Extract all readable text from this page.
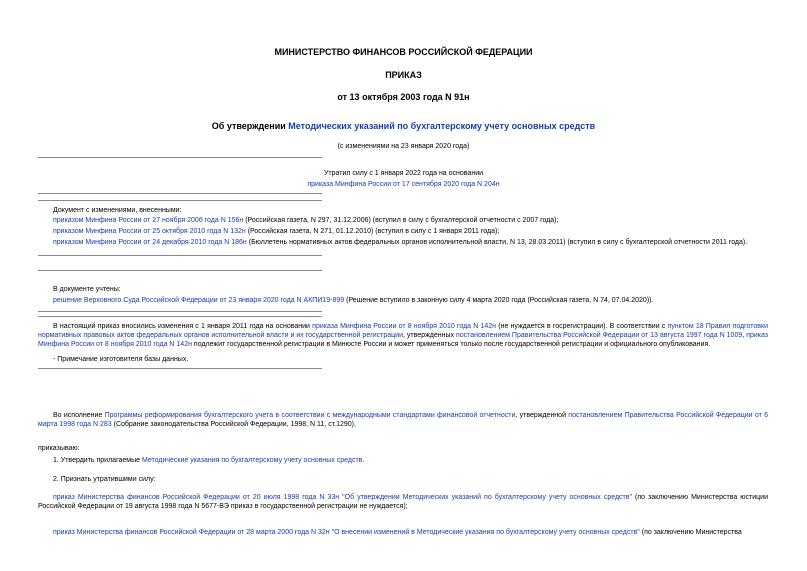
МИНИСТЕРСТВО ФИНАНСОВ РОССИЙСКОЙ ФЕДЕРАЦИИ
ПРИКАЗ
от 13 октября 2003 года N 91н
Об утверждении Методических указаний по бухгалтерскому учету основных средств
(с изменениями на 23 января 2020 года)
Утратил силу с 1 января 2022 года на основании
приказа Минфина России от 17 сентября 2020 года N 204н
Документ с изменениями, внесенными:
приказом Минфина России от 27 ноября 2006 года N 156н (Российская газета, N 297, 31.12.2006) (вступил в силу с бухгалтерской отчетности с 2007 года);
приказом Минфина России от 25 октября 2010 года N 132н (Российская газета, N 271, 01.12.2010) (вступил в силу с 1 января 2011 года);
приказом Минфина России от 24 декабря 2010 года N 186н (Бюллетень нормативных актов федеральных органов исполнительной власти, N 13, 28.03.2011) (вступил в силу с бухгалтерской отчетности 2011 года).
В документе учтены:
решение Верховного Суда Российской Федерации от 23 января 2020 года N АКПИ19-899 (Решение вступило в законную силу 4 марта 2020 года (Российская газета, N 74, 07.04.2020)).
В настоящий приказ вносились изменения с 1 января 2011 года на основании приказа Минфина России от 8 ноября 2010 года N 142н (не нуждается в госрегистрации). В соответствии с пунктом 18 Правил подготовки нормативных правовых актов федеральных органов исполнительной власти и их государственной регистрации, утвержденных постановлением Правительства Российской Федерации от 13 августа 1997 года N 1009, приказ Минфина России от 8 ноября 2010 года N 142н подлежит государственной регистрации в Минюсте России и может применяться только после государственной регистрации и официального опубликования.
- Примечание изготовителя базы данных.
Во исполнение Программы реформирования бухгалтерского учета в соответствии с международными стандартами финансовой отчетности, утвержденной постановлением Правительства Российской Федерации от 6 марта 1998 года N 283 (Собрание законодательства Российской Федерации, 1998, N 11, ст.1290),
приказываю:
1. Утвердить прилагаемые Методические указания по бухгалтерскому учету основных средств.
2. Признать утратившими силу:
приказ Министерства финансов Российской Федерации от 20 июля 1998 года N 33н "Об утверждении Методических указаний по бухгалтерскому учету основных средств" (по заключению Министерства юстиции Российской Федерации от 19 августа 1998 года N 5677-ВЭ приказ в государственной регистрации не нуждается);
приказ Министерства финансов Российской Федерации от 28 марта 2000 года N 32н "О внесении изменений в Методические указания по бухгалтерскому учету основных средств" (по заключению Министерства
